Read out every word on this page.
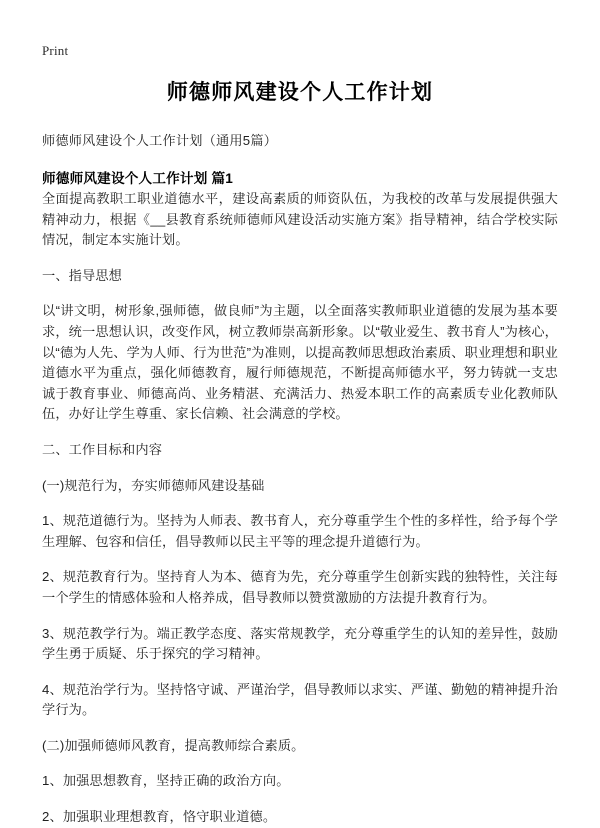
Print
师德师风建设个人工作计划

师德师风建设个人工作计划（通用5篇）

师德师风建设个人工作计划 篇1

全面提高教职工职业道德水平，建设高素质的师资队伍，为我校的改革与发展提供强大精神动力，根据《__县教育系统师德师风建设活动实施方案》指导精神，结合学校实际情况，制定本实施计划。

一、指导思想

以“讲文明，树形象,强师德，做良师”为主题，以全面落实教师职业道德的发展为基本要求，统一思想认识，改变作风，树立教师崇高新形象。以“敬业爱生、教书育人”为核心，以“德为人先、学为人师、行为世范”为准则，以提高教师思想政治素质、职业理想和职业道德水平为重点，强化师德教育，履行师德规范，不断提高师德水平，努力铸就一支忠诚于教育事业、师德高尚、业务精湛、充满活力、热爱本职工作的高素质专业化教师队伍，办好让学生尊重、家长信赖、社会满意的学校。

二、工作目标和内容

(一)规范行为，夯实师德师风建设基础

1、规范道德行为。坚持为人师表、教书育人，充分尊重学生个性的多样性，给予每个学生理解、包容和信任，倡导教师以民主平等的理念提升道德行为。

2、规范教育行为。坚持育人为本、德育为先，充分尊重学生创新实践的独特性，关注每一个学生的情感体验和人格养成，倡导教师以赞赏激励的方法提升教育行为。

3、规范教学行为。端正教学态度、落实常规教学，充分尊重学生的认知的差异性，鼓励学生勇于质疑、乐于探究的学习精神。

4、规范治学行为。坚持恪守诚、严谨治学，倡导教师以求实、严谨、勤勉的精神提升治学行为。

(二)加强师德师风教育，提高教师综合素质。

1、加强思想教育，坚持正确的政治方向。

2、加强职业理想教育，恪守职业道德。
